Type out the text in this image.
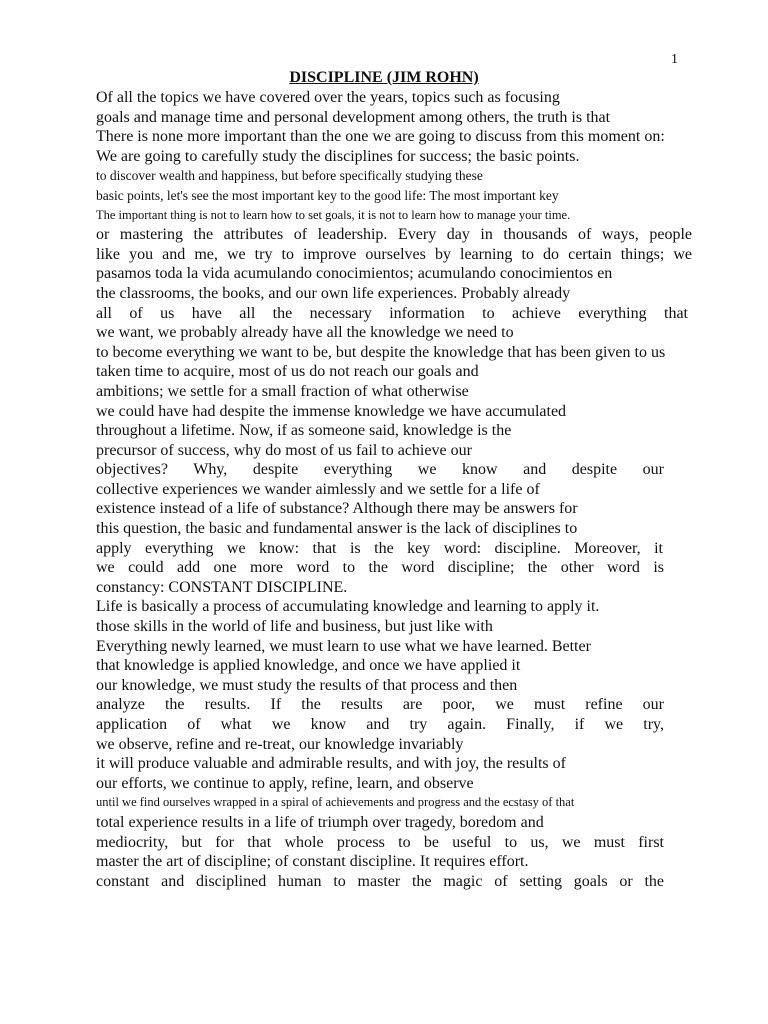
1
DISCIPLINE (JIM ROHN)
Of all the topics we have covered over the years, topics such as focusing
goals and manage time and personal development among others, the truth is that
There is none more important than the one we are going to discuss from this moment on:
We are going to carefully study the disciplines for success; the basic points.
to discover wealth and happiness, but before specifically studying these
basic points, let's see the most important key to the good life: The most important key
The important thing is not to learn how to set goals, it is not to learn how to manage your time.
or mastering the attributes of leadership. Every day in thousands of ways, people
like you and me, we try to improve ourselves by learning to do certain things; we
pasamos toda la vida acumulando conocimientos; acumulando conocimientos en
the classrooms, the books, and our own life experiences. Probably already
all of us have all the necessary information to achieve everything that
we want, we probably already have all the knowledge we need to
to become everything we want to be, but despite the knowledge that has been given to us
taken time to acquire, most of us do not reach our goals and
ambitions; we settle for a small fraction of what otherwise
we could have had despite the immense knowledge we have accumulated
throughout a lifetime. Now, if as someone said, knowledge is the
precursor of success, why do most of us fail to achieve our
objectives? Why, despite everything we know and despite our
collective experiences we wander aimlessly and we settle for a life of
existence instead of a life of substance? Although there may be answers for
this question, the basic and fundamental answer is the lack of disciplines to
apply everything we know: that is the key word: discipline. Moreover, it
we could add one more word to the word discipline; the other word is
constancy: CONSTANT DISCIPLINE.
Life is basically a process of accumulating knowledge and learning to apply it.
those skills in the world of life and business, but just like with
Everything newly learned, we must learn to use what we have learned. Better
that knowledge is applied knowledge, and once we have applied it
our knowledge, we must study the results of that process and then
analyze the results. If the results are poor, we must refine our
application of what we know and try again. Finally, if we try,
we observe, refine and re-treat, our knowledge invariably
it will produce valuable and admirable results, and with joy, the results of
our efforts, we continue to apply, refine, learn, and observe
until we find ourselves wrapped in a spiral of achievements and progress and the ecstasy of that
total experience results in a life of triumph over tragedy, boredom and
mediocrity, but for that whole process to be useful to us, we must first
master the art of discipline; of constant discipline. It requires effort.
constant and disciplined human to master the magic of setting goals or the
